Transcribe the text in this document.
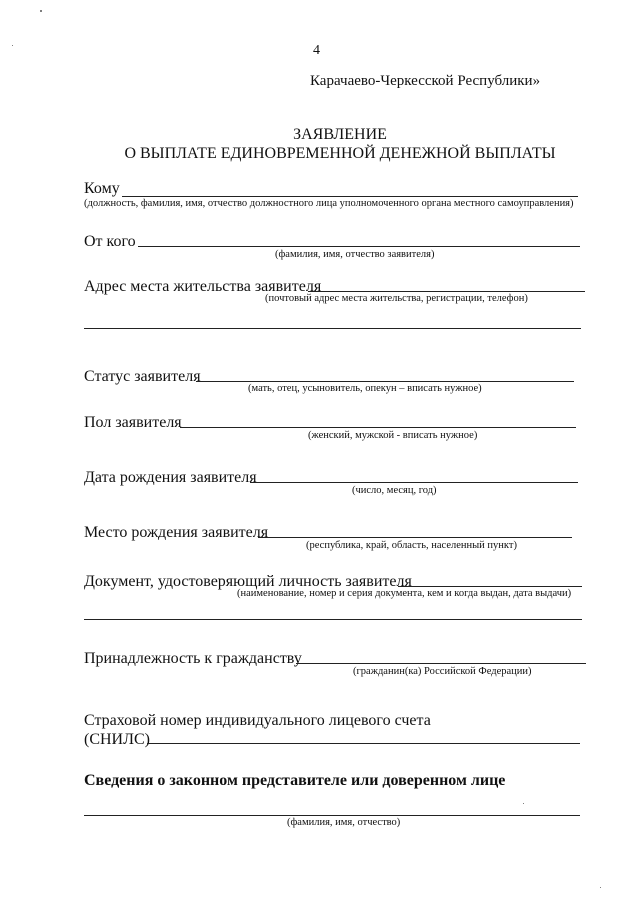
4
Карачаево-Черкесской Республики»
ЗАЯВЛЕНИЕ
О ВЫПЛАТЕ ЕДИНОВРЕМЕННОЙ ДЕНЕЖНОЙ ВЫПЛАТЫ
Кому
(должность, фамилия, имя, отчество должностного лица уполномоченного органа местного самоуправления)
От кого
(фамилия, имя, отчество заявителя)
Адрес места жительства заявителя
(почтовый адрес места жительства, регистрации, телефон)
Статус заявителя
(мать, отец, усыновитель, опекун – вписать нужное)
Пол заявителя
(женский, мужской - вписать нужное)
Дата рождения заявителя
(число, месяц, год)
Место рождения заявителя
(республика, край, область, населенный пункт)
Документ, удостоверяющий личность заявителя
(наименование, номер и серия документа, кем и когда выдан, дата выдачи)
Принадлежность к гражданству
(гражданин(ка) Российской Федерации)
Страховой номер индивидуального лицевого счета
(СНИЛС)
Сведения о законном представителе или доверенном лице
(фамилия, имя, отчество)
